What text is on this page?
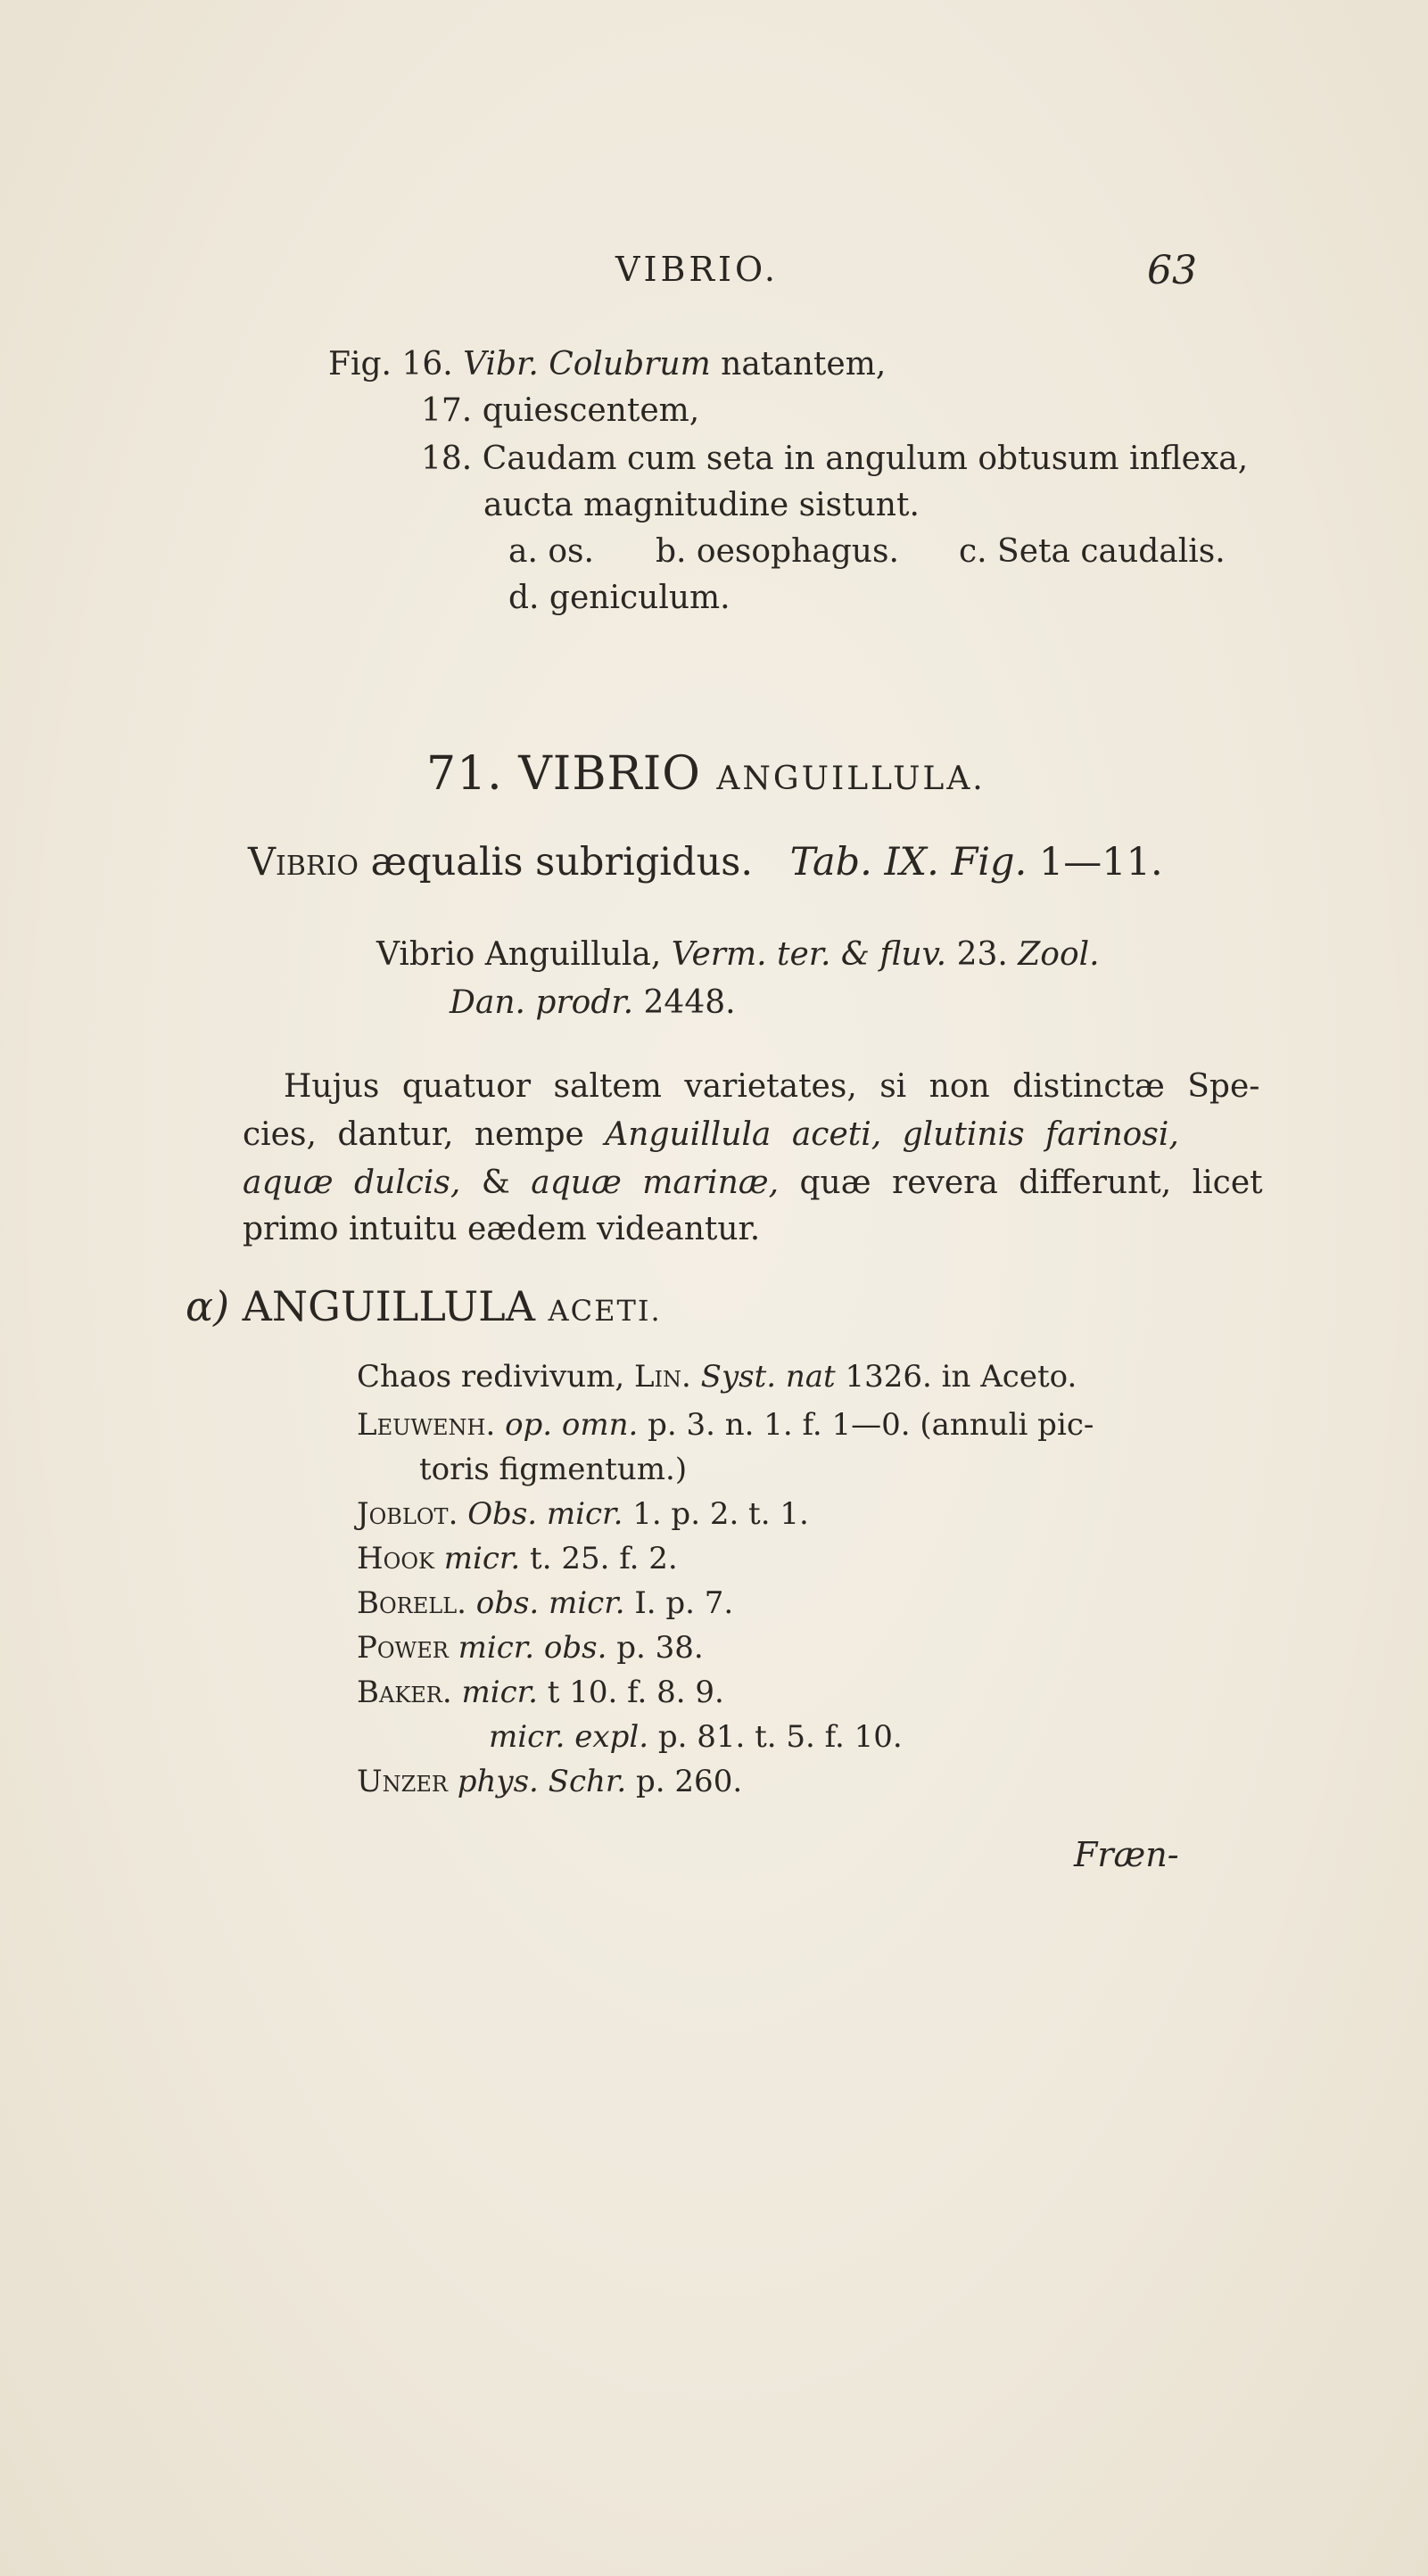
VIBRIO.	63
Fig. 16. Vibr. Colubrum natantem,
17. quiescentem,
18. Caudam cum seta in angulum obtusum inflexa,
aucta magnitudine sistunt.
a. os. b. oesophagus. c. Seta caudalis.
d. geniculum.
71. VIBRIO ANGUILLULA.
Vibrio æqualis subrigidus. Tab. IX. Fig. 1—11.
Vibrio Anguillula, Verm. ter. & fluv. 23. Zool.
Dan. prodr. 2448.
Hujus quatuor saltem varietates, si non distinctæ Spe-
cies, dantur, nempe Anguillula aceti, glutinis farinosi,
aquæ dulcis, & aquæ marinæ, quæ revera differunt, licet
primo intuitu eædem videantur.
α) ANGUILLULA ACETI.
Chaos redivivum, Lin. Syst. nat 1326. in Aceto.
Leuwenh. op. omn. p. 3. n. 1. f. 1—0. (annuli pic-
toris figmentum.)
Joblot. Obs. micr. 1. p. 2. t. 1.
Hook micr. t. 25. f. 2.
Borell. obs. micr. I. p. 7.
Power micr. obs. p. 38.
Baker. micr. t 10. f. 8. 9.
micr. expl. p. 81. t. 5. f. 10.
Unzer phys. Schr. p. 260.
Fræn-
